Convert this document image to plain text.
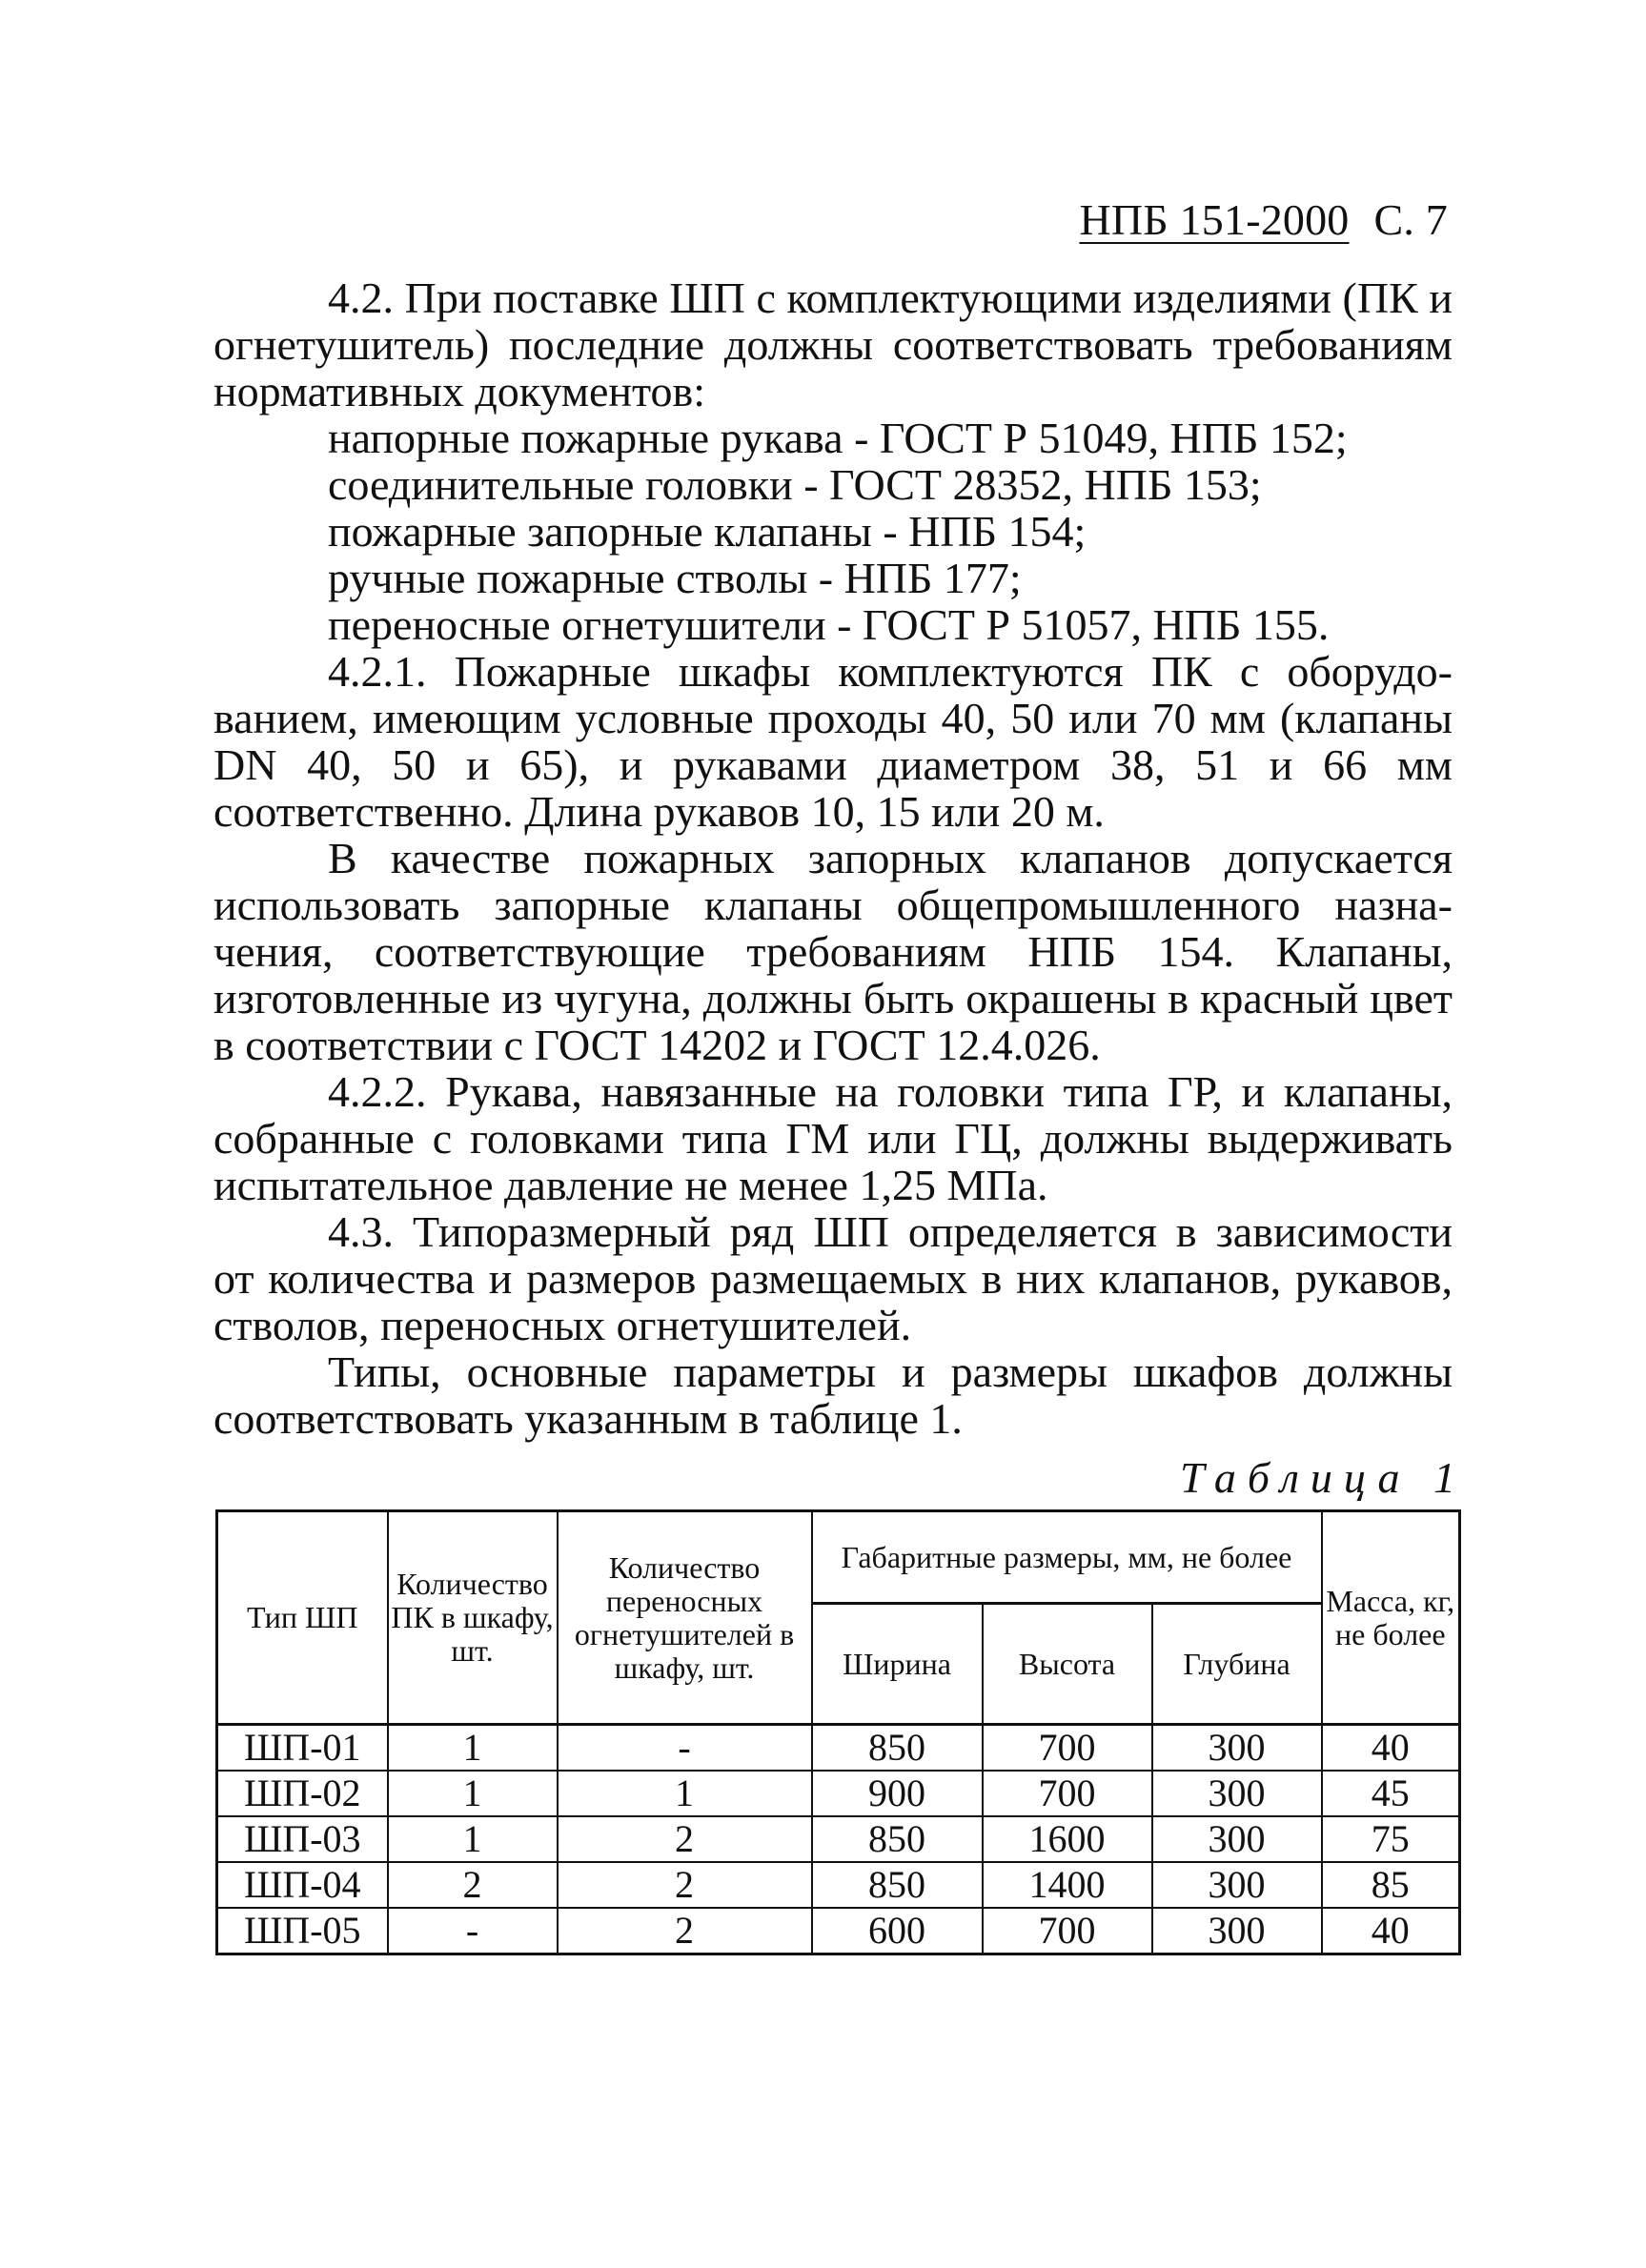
НПБ 151-2000 С. 7

4.2. При поставке ШП с комплектующими изделиями (ПК и огнетушитель) последние должны соответствовать требованиям нормативных документов:

напорные пожарные рукава - ГОСТ Р 51049, НПБ 152;

соединительные головки - ГОСТ 28352, НПБ 153;

пожарные запорные клапаны - НПБ 154;

ручные пожарные стволы - НПБ 177;

переносные огнетушители - ГОСТ Р 51057, НПБ 155.

4.2.1. Пожарные шкафы комплектуются ПК с оборудованием, имеющим условные проходы 40, 50 или 70 мм (клапаны DN 40, 50 и 65), и рукавами диаметром 38, 51 и 66 мм соответственно. Длина рукавов 10, 15 или 20 м.

В качестве пожарных запорных клапанов допускается использовать запорные клапаны общепромышленного назначения, соответствующие требованиям НПБ 154. Клапаны, изготовленные из чугуна, должны быть окрашены в красный цвет в соответствии с ГОСТ 14202 и ГОСТ 12.4.026.

4.2.2. Рукава, навязанные на головки типа ГР, и клапаны, собранные с головками типа ГМ или ГЦ, должны выдерживать испытательное давление не менее 1,25 МПа.

4.3. Типоразмерный ряд ШП определяется в зависимости от количества и размеров размещаемых в них клапанов, рукавов, стволов, переносных огнетушителей.

Типы, основные параметры и размеры шкафов должны соответствовать указанным в таблице 1.

Таблица 1
Тип ШП	Количество ПК в шкафу, шт.	Количество переносных огнетушителей в шкафу, шт.	Габаритные размеры, мм, не более			Масса, кг, не более
			Ширина	Высота	Глубина	
ШП-01	1	-	850	700	300	40
ШП-02	1	1	900	700	300	45
ШП-03	1	2	850	1600	300	75
ШП-04	2	2	850	1400	300	85
ШП-05	-	2	600	700	300	40
